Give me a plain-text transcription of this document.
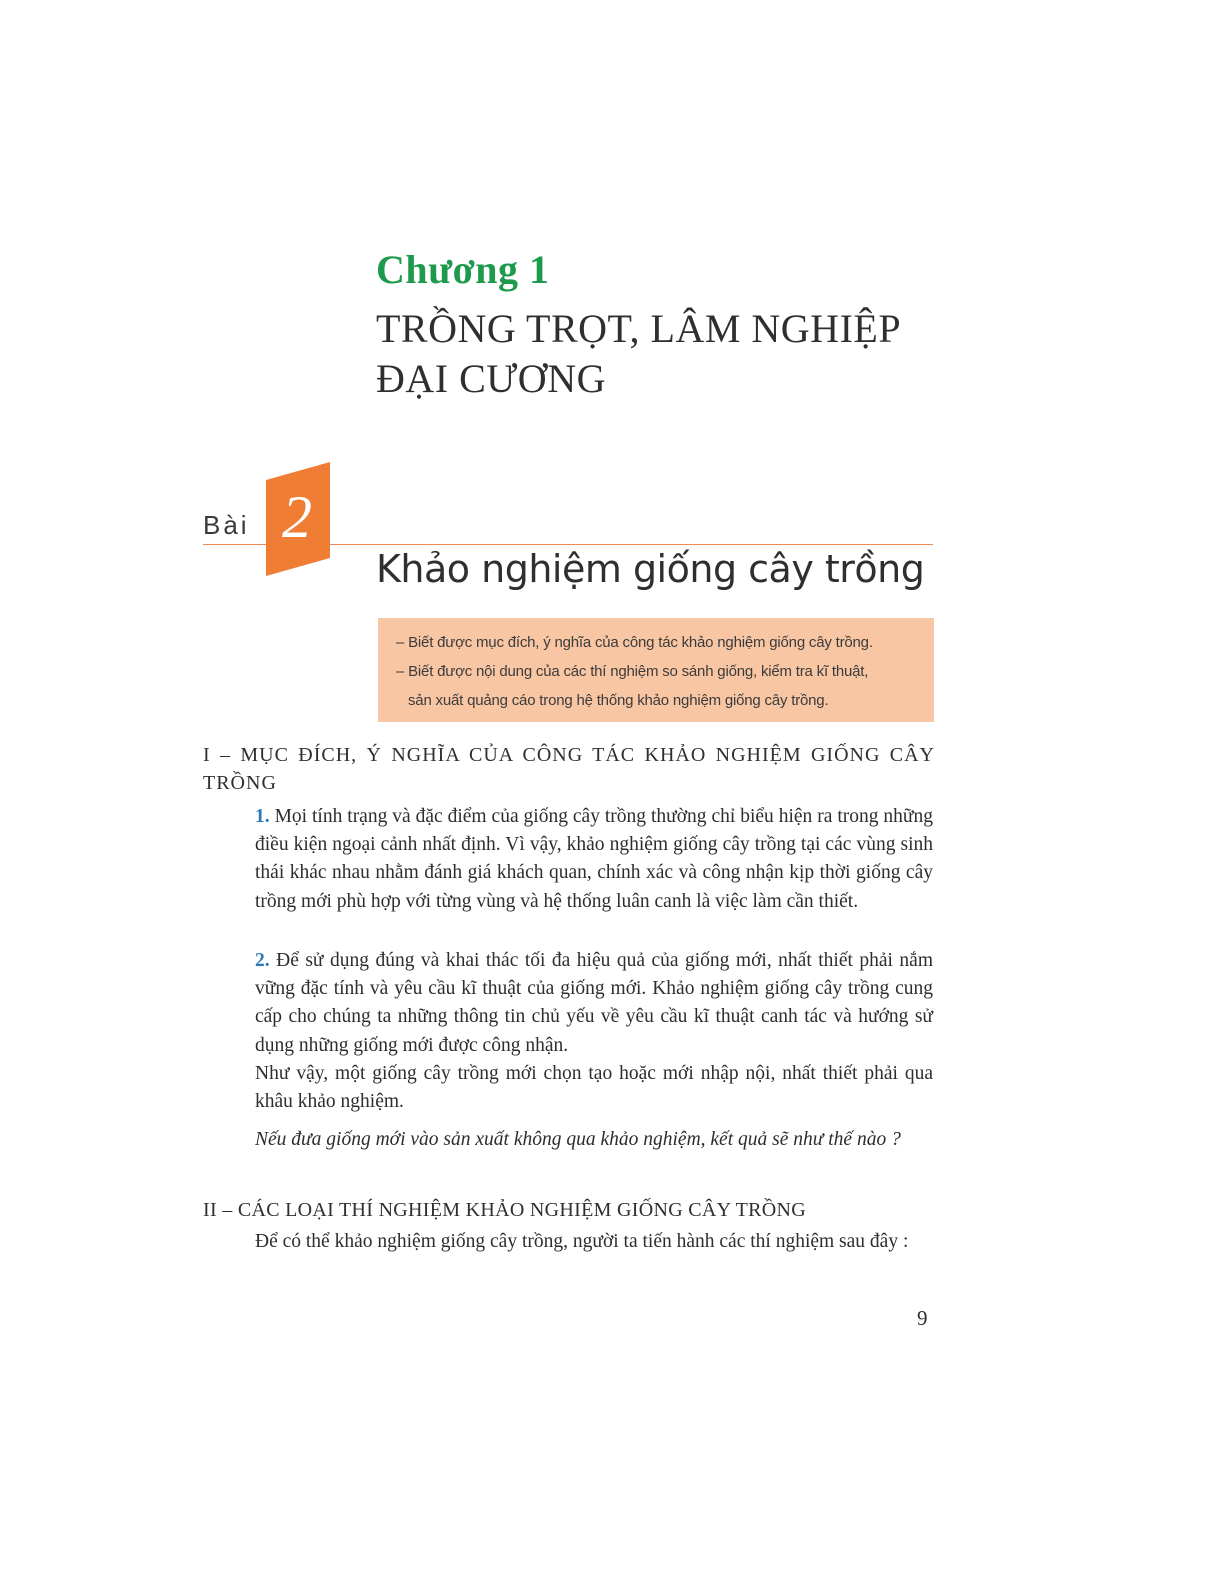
Chương 1
TRỒNG TRỌT, LÂM NGHIỆP
ĐẠI CƯƠNG
Bài 2
Khảo nghiệm giống cây trồng
– Biết được mục đích, ý nghĩa của công tác khảo nghiệm giống cây trồng.
– Biết được nội dung của các thí nghiệm so sánh giống, kiểm tra kĩ thuật,
sản xuất quảng cáo trong hệ thống khảo nghiệm giống cây trồng.
I – MỤC ĐÍCH, Ý NGHĨA CỦA CÔNG TÁC KHẢO NGHIỆM GIỐNG CÂY TRỒNG
1. Mọi tính trạng và đặc điểm của giống cây trồng thường chỉ biểu hiện ra trong những điều kiện ngoại cảnh nhất định. Vì vậy, khảo nghiệm giống cây trồng tại các vùng sinh thái khác nhau nhằm đánh giá khách quan, chính xác và công nhận kịp thời giống cây trồng mới phù hợp với từng vùng và hệ thống luân canh là việc làm cần thiết.
2. Để sử dụng đúng và khai thác tối đa hiệu quả của giống mới, nhất thiết phải nắm vững đặc tính và yêu cầu kĩ thuật của giống mới. Khảo nghiệm giống cây trồng cung cấp cho chúng ta những thông tin chủ yếu về yêu cầu kĩ thuật canh tác và hướng sử dụng những giống mới được công nhận.
Như vậy, một giống cây trồng mới chọn tạo hoặc mới nhập nội, nhất thiết phải qua khâu khảo nghiệm.
Nếu đưa giống mới vào sản xuất không qua khảo nghiệm, kết quả sẽ như thế nào ?
II – CÁC LOẠI THÍ NGHIỆM KHẢO NGHIỆM GIỐNG CÂY TRỒNG
Để có thể khảo nghiệm giống cây trồng, người ta tiến hành các thí nghiệm sau đây :
9
